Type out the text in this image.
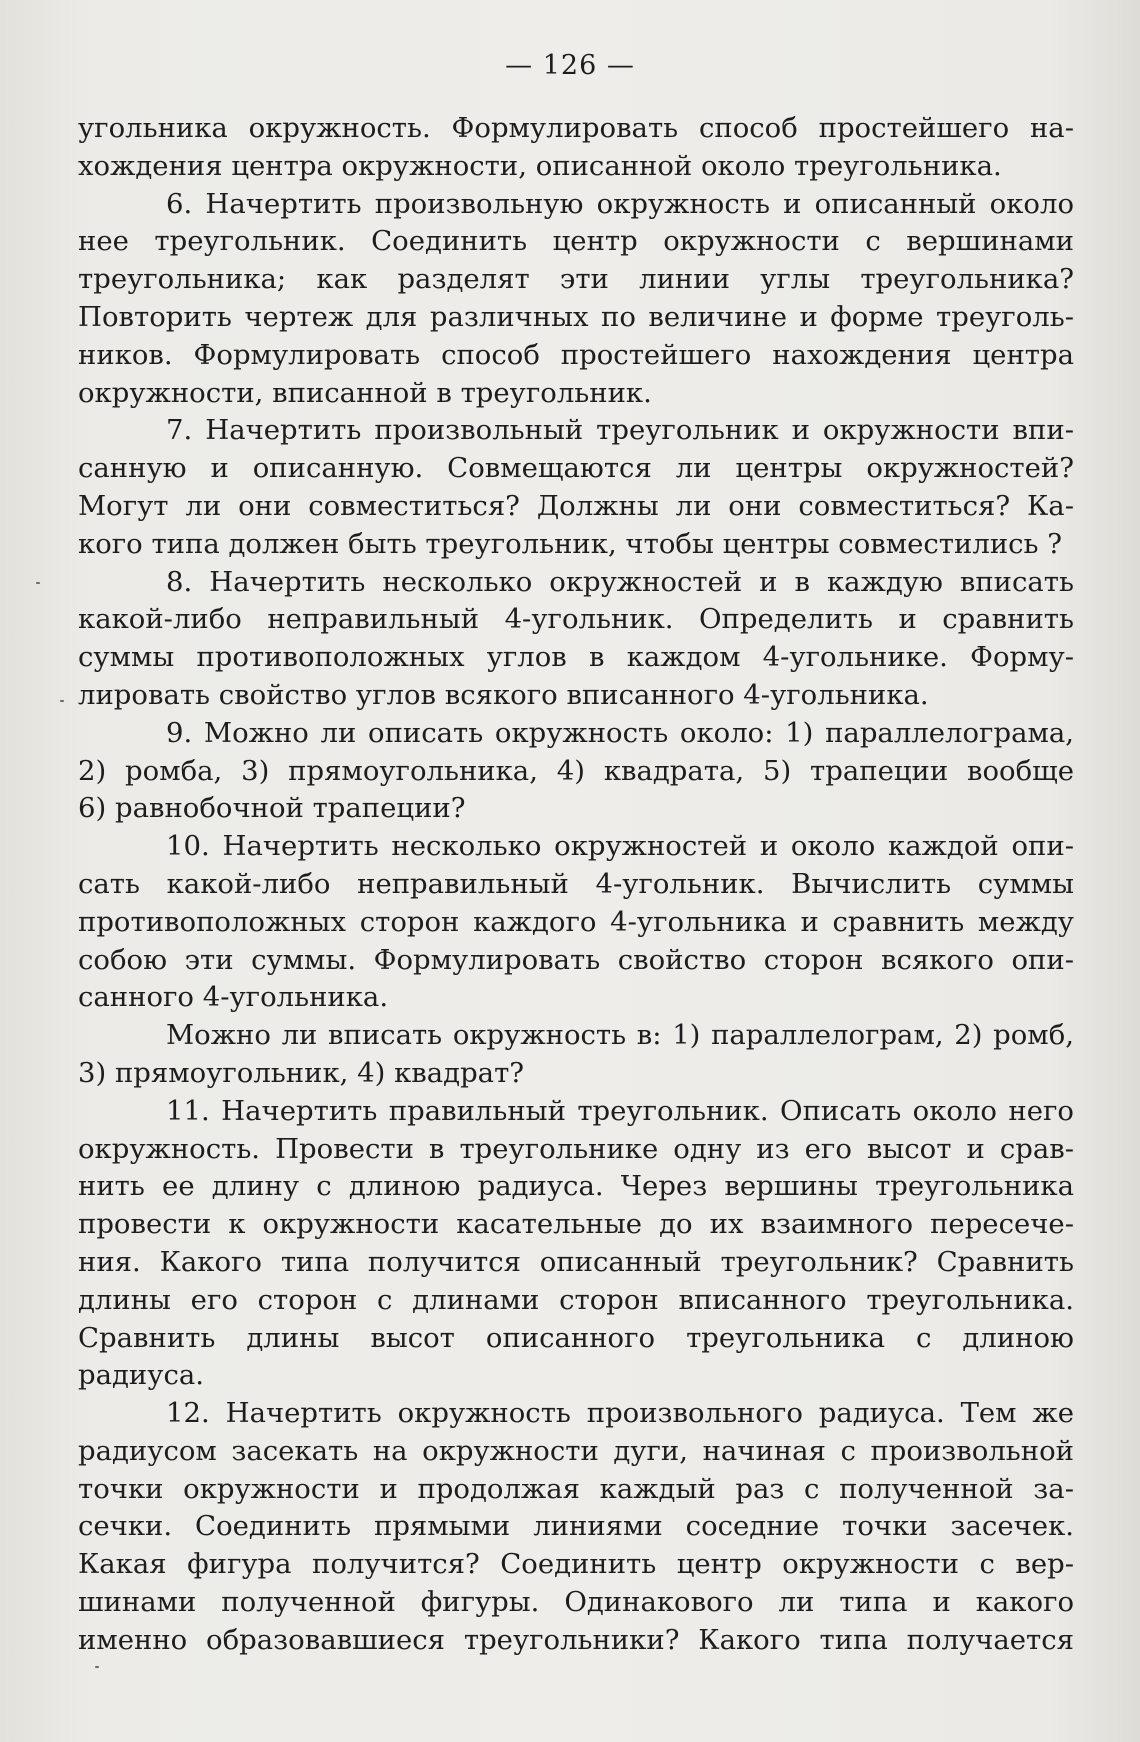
— 126 —
угольника окружность. Формулировать способ простейшего на-
хождения центра окружности, описанной около треугольника.
6. Начертить произвольную окружность и описанный около
нее треугольник. Соединить центр окружности с вершинами
треугольника; как разделят эти линии углы треугольника?
Повторить чертеж для различных по величине и форме треуголь-
ников. Формулировать способ простейшего нахождения центра
окружности, вписанной в треугольник.
7. Начертить произвольный треугольник и окружности впи-
санную и описанную. Совмещаются ли центры окружностей?
Могут ли они совместиться? Должны ли они совместиться? Ка-
кого типа должен быть треугольник, чтобы центры совместились ?
8. Начертить несколько окружностей и в каждую вписать
какой-либо неправильный 4-угольник. Определить и сравнить
суммы противоположных углов в каждом 4-угольнике. Форму-
лировать свойство углов всякого вписанного 4-угольника.
9. Можно ли описать окружность около: 1) параллелограма,
2) ромба, 3) прямоугольника, 4) квадрата, 5) трапеции вообще
6) равнобочной трапеции?
10. Начертить несколько окружностей и около каждой опи-
сать какой-либо неправильный 4-угольник. Вычислить суммы
противоположных сторон каждого 4-угольника и сравнить между
собою эти суммы. Формулировать свойство сторон всякого опи-
санного 4-угольника.
Можно ли вписать окружность в: 1) параллелограм, 2) ромб,
3) прямоугольник, 4) квадрат?
11. Начертить правильный треугольник. Описать около него
окружность. Провести в треугольнике одну из его высот и срав-
нить ее длину с длиною радиуса. Через вершины треугольника
провести к окружности касательные до их взаимного пересече-
ния. Какого типа получится описанный треугольник? Сравнить
длины его сторон с длинами сторон вписанного треугольника.
Сравнить длины высот описанного треугольника с длиною
радиуса.
12. Начертить окружность произвольного радиуса. Тем же
радиусом засекать на окружности дуги, начиная с произвольной
точки окружности и продолжая каждый раз с полученной за-
сечки. Соединить прямыми линиями соседние точки засечек.
Какая фигура получится? Соединить центр окружности с вер-
шинами полученной фигуры. Одинакового ли типа и какого
именно образовавшиеся треугольники? Какого типа получается
